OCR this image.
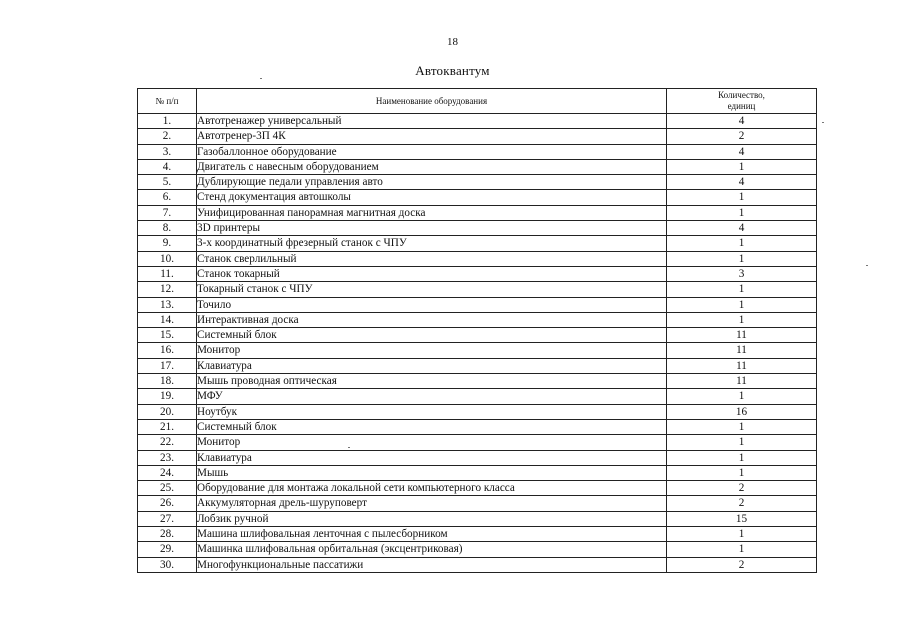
18
Автоквантум
№ п/п	Наименование оборудования	Количество,
единиц
1.	Автотренажер универсальный	4
2.	Автотренер-3П 4К	2
3.	Газобаллонное оборудование	4
4.	Двигатель с навесным оборудованием	1
5.	Дублирующие педали управления авто	4
6.	Стенд документация автошколы	1
7.	Унифицированная панорамная магнитная доска	1
8.	3D принтеры	4
9.	3-х координатный фрезерный станок с ЧПУ	1
10.	Станок сверлильный	1
11.	Станок токарный	3
12.	Токарный станок с ЧПУ	1
13.	Точило	1
14.	Интерактивная доска	1
15.	Системный блок	11
16.	Монитор	11
17.	Клавиатура	11
18.	Мышь проводная оптическая	11
19.	МФУ	1
20.	Ноутбук	16
21.	Системный блок	1
22.	Монитор	1
23.	Клавиатура	1
24.	Мышь	1
25.	Оборудование для монтажа локальной сети компьютерного класса	2
26.	Аккумуляторная дрель-шуруповерт	2
27.	Лобзик ручной	15
28.	Машина шлифовальная ленточная с пылесборником	1
29.	Машинка шлифовальная орбитальная (эксцентриковая)	1
30.	Многофункциональные пассатижи	2
